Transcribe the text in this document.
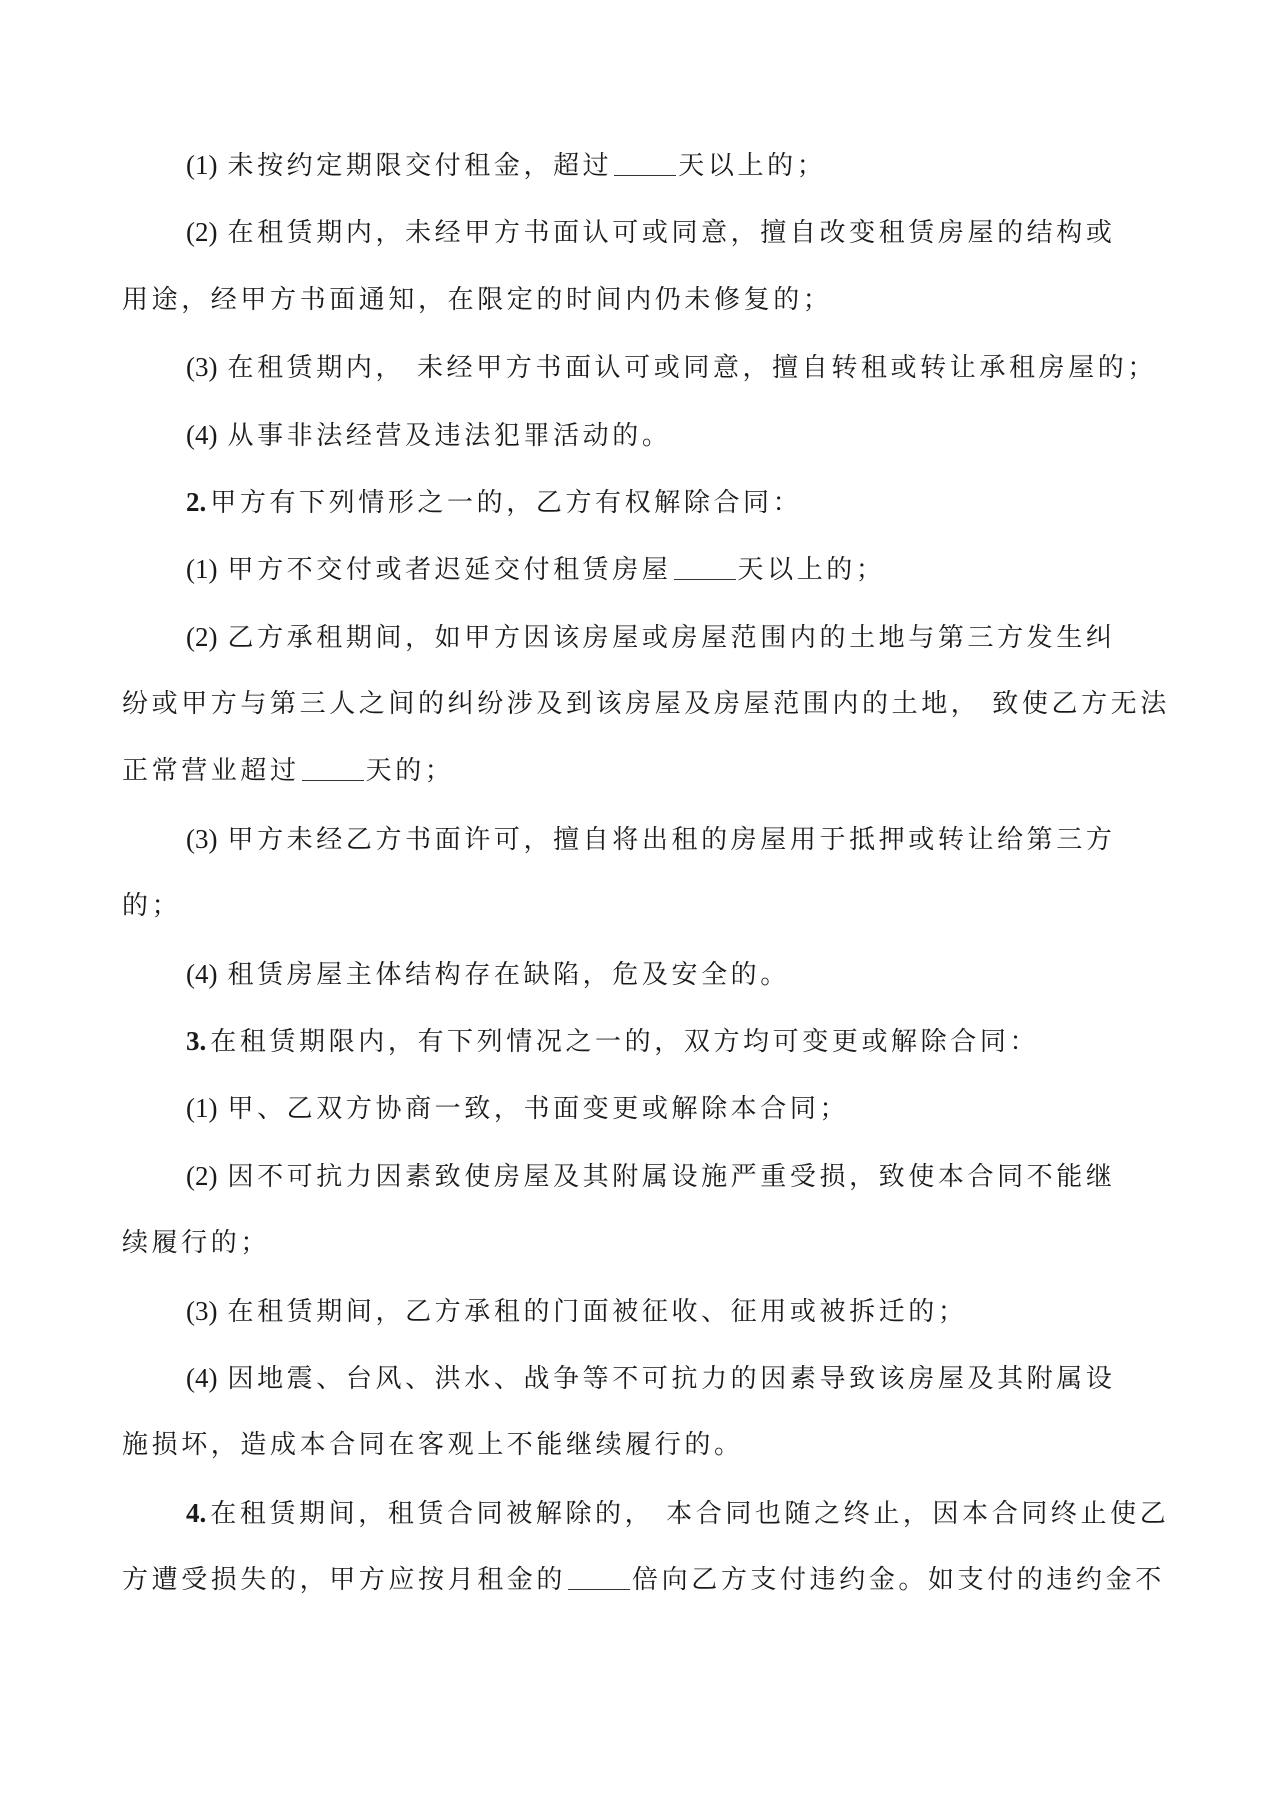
(1) 未按约定期限交付租金，超过	天以上的；
(2) 在租赁期内，未经甲方书面认可或同意，擅自改变租赁房屋的结构或
用途，经甲方书面通知，在限定的时间内仍未修复的；
(3) 在租赁期内， 未经甲方书面认可或同意，擅自转租或转让承租房屋的；
(4) 从事非法经营及违法犯罪活动的。
2. 甲方有下列情形之一的，乙方有权解除合同：
(1) 甲方不交付或者迟延交付租赁房屋	天以上的；
(2) 乙方承租期间，如甲方因该房屋或房屋范围内的土地与第三方发生纠
纷或甲方与第三人之间的纠纷涉及到该房屋及房屋范围内的土地， 致使乙方无法
正常营业超过	天的；
(3) 甲方未经乙方书面许可，擅自将出租的房屋用于抵押或转让给第三方
的；
(4) 租赁房屋主体结构存在缺陷，危及安全的。
3. 在租赁期限内，有下列情况之一的，双方均可变更或解除合同：
(1) 甲、乙双方协商一致，书面变更或解除本合同；
(2) 因不可抗力因素致使房屋及其附属设施严重受损，致使本合同不能继
续履行的；
(3) 在租赁期间，乙方承租的门面被征收、征用或被拆迁的；
(4) 因地震、台风、洪水、战争等不可抗力的因素导致该房屋及其附属设
施损坏，造成本合同在客观上不能继续履行的。
4. 在租赁期间，租赁合同被解除的， 本合同也随之终止，因本合同终止使乙
方遭受损失的，甲方应按月租金的	倍向乙方支付违约金。如支付的违约金不
